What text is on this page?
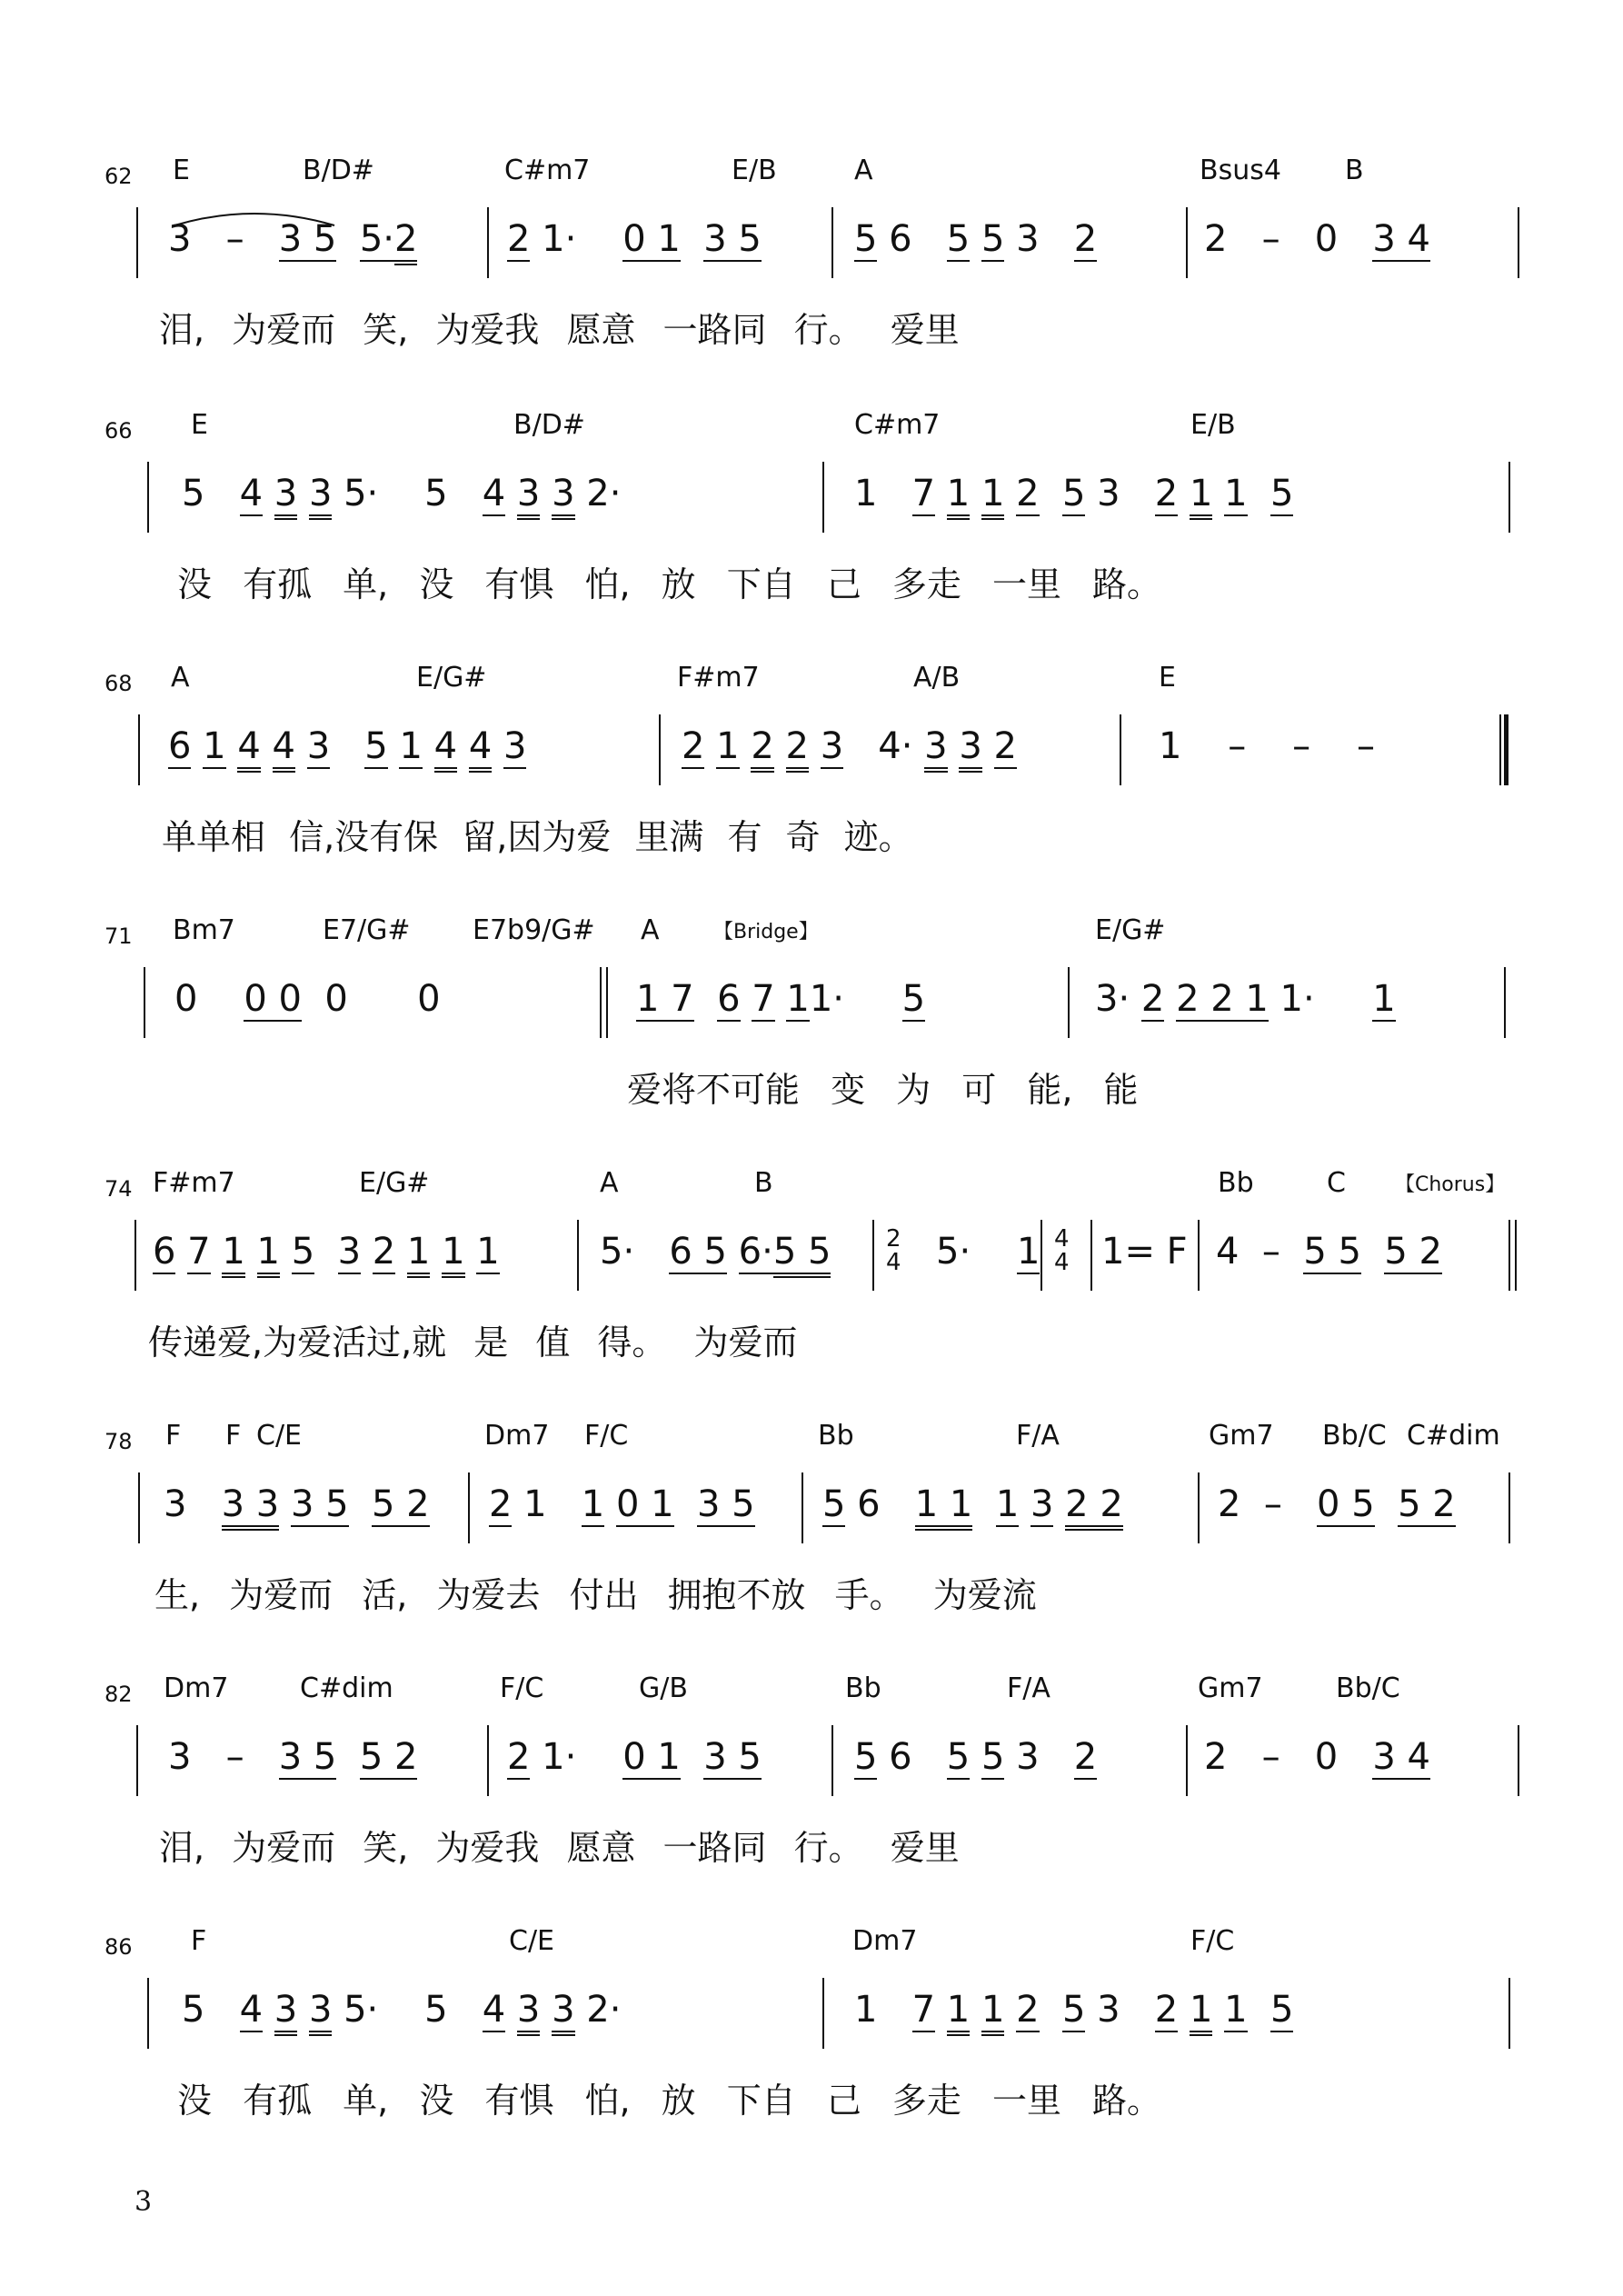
62 E	B/D#	C#m7	E/B	A	Bsus4 B
3   –   3 5 5·2 2 1·    0 1 3 5	5 6   5 5 3   2	2   –   0   3 4
泪, 为爱而 笑, 为爱我 愿意 一路同 行。 爱里
66 E	B/D#	C#m7	E/B
5   4 3 3 5·    5   4 3 3 2·	1   7 1 1 2 5 3   2 1 1 5
没 有孤 单, 没 有惧 怕, 放 下自 己 多走 一里 路。
68 A	E/G#	F#m7	A/B	E
6 1 4 4 3 5 1 4 4 3	2 1 2 2 3   4· 3 3 2	1    –    –    –
单单相 信,没有保 留,因为爱 里满 有 奇 迹。
71 Bm7	E7/G# E7b9/G# A	【Bridge】	E/G#
0    0 0  0      0	1 7 6 7 11·     5	3· 2 2 2 1 1·     1
爱将不可能 变 为 可 能, 能
74 F#m7	E/G#	A	B	Bb	C 【Chorus】
6 7 1 1 5 3 2 1 1 1	5·   6 5 6·5 5 2
4 5·    1 4
4 1= F 4  –  5 5 5 2
传递爱,为爱活过,就 是 值 得。 为爱而
78 F F C/E	Dm7 F/C	Bb	F/A	Gm7 Bb/C C#dim
3   3 3 3 5 5 2 2 1   1 0 1 3 5 5 6   1 1 1 3 2 2	2  –   0 5 5 2
生, 为爱而 活, 为爱去 付出 拥抱不放 手。 为爱流
82 Dm7	C#dim	F/C	G/B	Bb	F/A	Gm7	Bb/C
3   –   3 5 5 2 2 1·    0 1 3 5	5 6   5 5 3   2	2   –   0   3 4
泪, 为爱而 笑, 为爱我 愿意 一路同 行。 爱里
86 F	C/E	Dm7	F/C
5   4 3 3 5·    5   4 3 3 2·	1   7 1 1 2 5 3   2 1 1 5
没 有孤 单, 没 有惧 怕, 放 下自 己 多走 一里 路。
3
